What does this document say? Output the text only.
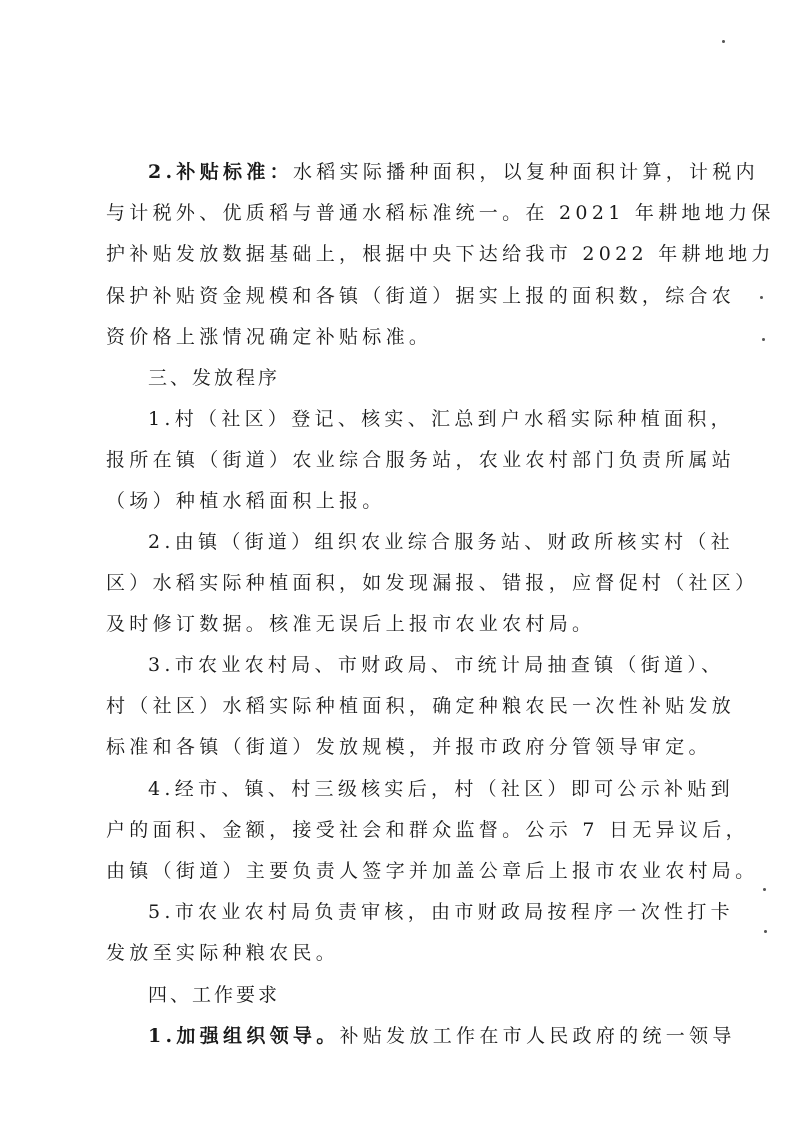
2.补贴标准：水稻实际播种面积，以复种面积计算，计税内
与计税外、优质稻与普通水稻标准统一。在 2021 年耕地地力保
护补贴发放数据基础上，根据中央下达给我市 2022 年耕地地力
保护补贴资金规模和各镇（街道）据实上报的面积数，综合农
资价格上涨情况确定补贴标准。
三、发放程序
1.村（社区）登记、核实、汇总到户水稻实际种植面积，
报所在镇（街道）农业综合服务站，农业农村部门负责所属站
（场）种植水稻面积上报。
2.由镇（街道）组织农业综合服务站、财政所核实村（社
区）水稻实际种植面积，如发现漏报、错报，应督促村（社区）
及时修订数据。核准无误后上报市农业农村局。
3.市农业农村局、市财政局、市统计局抽查镇（街道）、
村（社区）水稻实际种植面积，确定种粮农民一次性补贴发放
标准和各镇（街道）发放规模，并报市政府分管领导审定。
4.经市、镇、村三级核实后，村（社区）即可公示补贴到
户的面积、金额，接受社会和群众监督。公示 7 日无异议后，
由镇（街道）主要负责人签字并加盖公章后上报市农业农村局。
5.市农业农村局负责审核，由市财政局按程序一次性打卡
发放至实际种粮农民。
四、工作要求
1.加强组织领导。补贴发放工作在市人民政府的统一领导
